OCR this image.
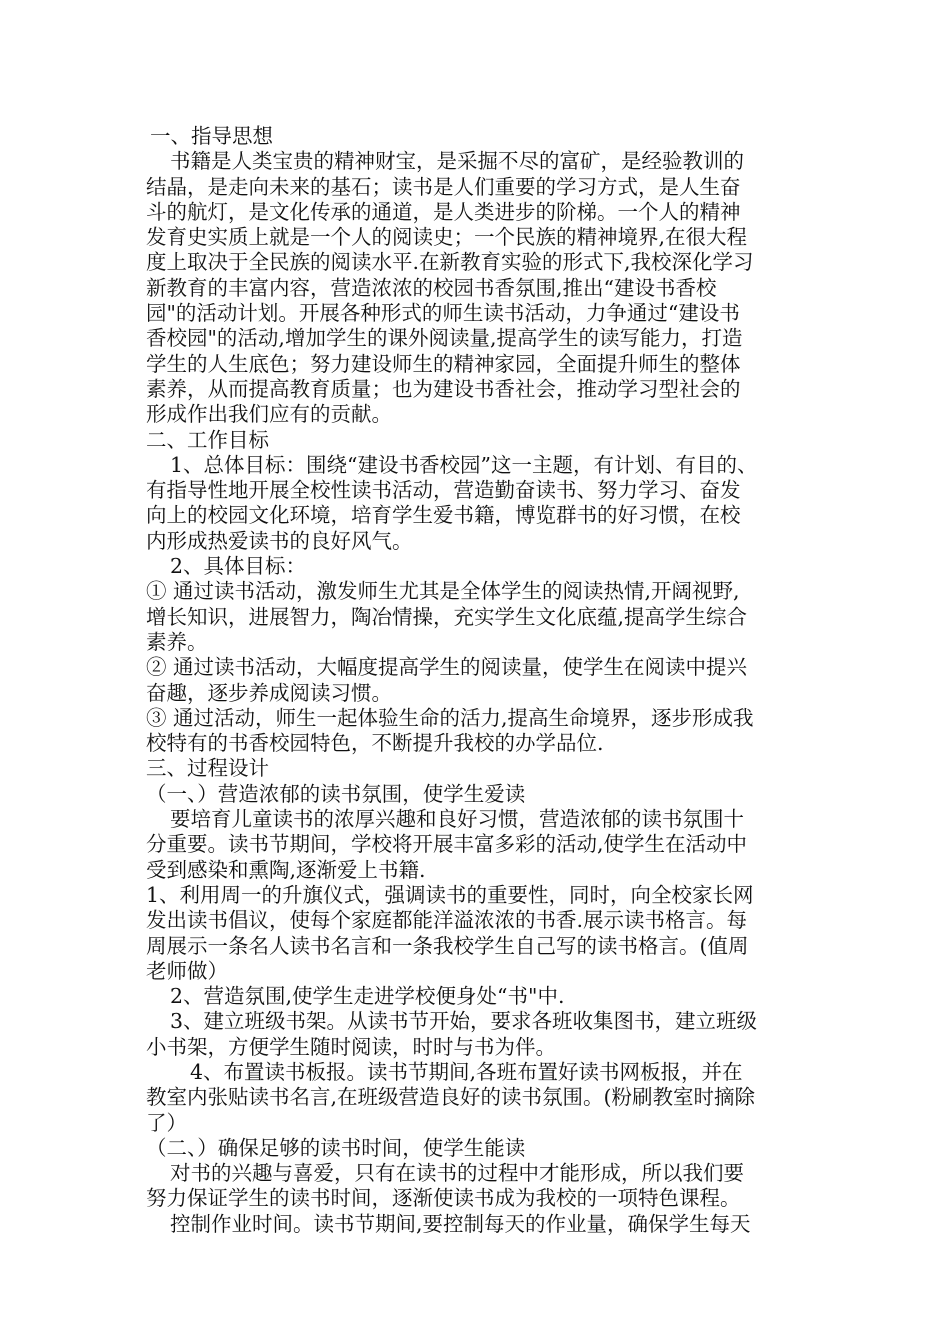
一、指导思想
书籍是人类宝贵的精神财宝，是采掘不尽的富矿，是经验教训的
结晶，是走向未来的基石；读书是人们重要的学习方式，是人生奋
斗的航灯，是文化传承的通道，是人类进步的阶梯。一个人的精神
发育史实质上就是一个人的阅读史；一个民族的精神境界,在很大程
度上取决于全民族的阅读水平.在新教育实验的形式下,我校深化学习
新教育的丰富内容，营造浓浓的校园书香氛围,推出“建设书香校
园"的活动计划。开展各种形式的师生读书活动，力争通过“建设书
香校园"的活动,增加学生的课外阅读量,提高学生的读写能力，打造
学生的人生底色；努力建设师生的精神家园，全面提升师生的整体
素养，从而提高教育质量；也为建设书香社会，推动学习型社会的
形成作出我们应有的贡献。
二、工作目标
1、总体目标：围绕“建设书香校园”这一主题，有计划、有目的、
有指导性地开展全校性读书活动，营造勤奋读书、努力学习、奋发
向上的校园文化环境，培育学生爱书籍，博览群书的好习惯，在校
内形成热爱读书的良好风气。
2、具体目标：
① 通过读书活动，激发师生尤其是全体学生的阅读热情,开阔视野,
增长知识，进展智力，陶冶情操，充实学生文化底蕴,提高学生综合
素养。
② 通过读书活动，大幅度提高学生的阅读量，使学生在阅读中提兴
奋趣，逐步养成阅读习惯。
③ 通过活动，师生一起体验生命的活力,提高生命境界，逐步形成我
校特有的书香校园特色，不断提升我校的办学品位.
三、过程设计
（一、）营造浓郁的读书氛围，使学生爱读
要培育儿童读书的浓厚兴趣和良好习惯，营造浓郁的读书氛围十
分重要。读书节期间，学校将开展丰富多彩的活动,使学生在活动中
受到感染和熏陶,逐渐爱上书籍.
1、利用周一的升旗仪式，强调读书的重要性，同时，向全校家长网
发出读书倡议，使每个家庭都能洋溢浓浓的书香.展示读书格言。每
周展示一条名人读书名言和一条我校学生自己写的读书格言。(值周
老师做）
2、营造氛围,使学生走进学校便身处“书"中.
3、建立班级书架。从读书节开始，要求各班收集图书，建立班级
小书架，方便学生随时阅读，时时与书为伴。
4、布置读书板报。读书节期间,各班布置好读书网板报，并在
教室内张贴读书名言,在班级营造良好的读书氛围。(粉刷教室时摘除
了）
（二、）确保足够的读书时间，使学生能读
对书的兴趣与喜爱，只有在读书的过程中才能形成，所以我们要
努力保证学生的读书时间，逐渐使读书成为我校的一项特色课程。
控制作业时间。读书节期间,要控制每天的作业量，确保学生每天
